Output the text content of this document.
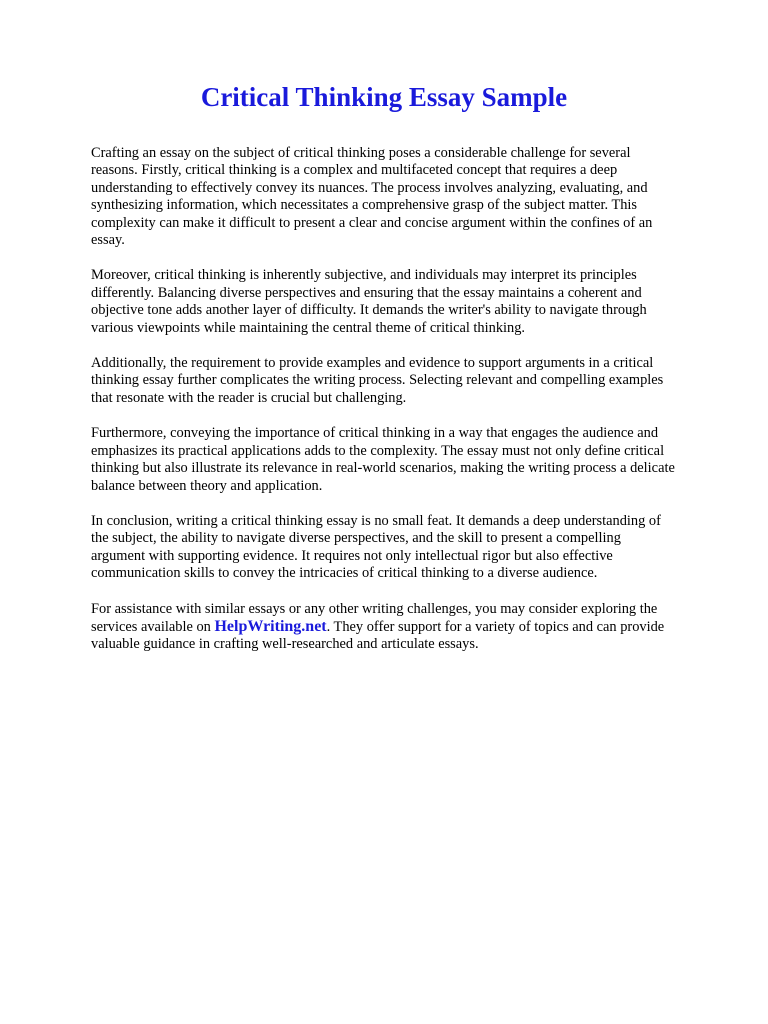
Critical Thinking Essay Sample

Crafting an essay on the subject of critical thinking poses a considerable challenge for several
reasons. Firstly, critical thinking is a complex and multifaceted concept that requires a deep
understanding to effectively convey its nuances. The process involves analyzing, evaluating, and
synthesizing information, which necessitates a comprehensive grasp of the subject matter. This
complexity can make it difficult to present a clear and concise argument within the confines of an
essay.

Moreover, critical thinking is inherently subjective, and individuals may interpret its principles
differently. Balancing diverse perspectives and ensuring that the essay maintains a coherent and
objective tone adds another layer of difficulty. It demands the writer's ability to navigate through
various viewpoints while maintaining the central theme of critical thinking.

Additionally, the requirement to provide examples and evidence to support arguments in a critical
thinking essay further complicates the writing process. Selecting relevant and compelling examples
that resonate with the reader is crucial but challenging.

Furthermore, conveying the importance of critical thinking in a way that engages the audience and
emphasizes its practical applications adds to the complexity. The essay must not only define critical
thinking but also illustrate its relevance in real-world scenarios, making the writing process a delicate
balance between theory and application.

In conclusion, writing a critical thinking essay is no small feat. It demands a deep understanding of
the subject, the ability to navigate diverse perspectives, and the skill to present a compelling
argument with supporting evidence. It requires not only intellectual rigor but also effective
communication skills to convey the intricacies of critical thinking to a diverse audience.

For assistance with similar essays or any other writing challenges, you may consider exploring the
services available on HelpWriting.net. They offer support for a variety of topics and can provide
valuable guidance in crafting well-researched and articulate essays.
